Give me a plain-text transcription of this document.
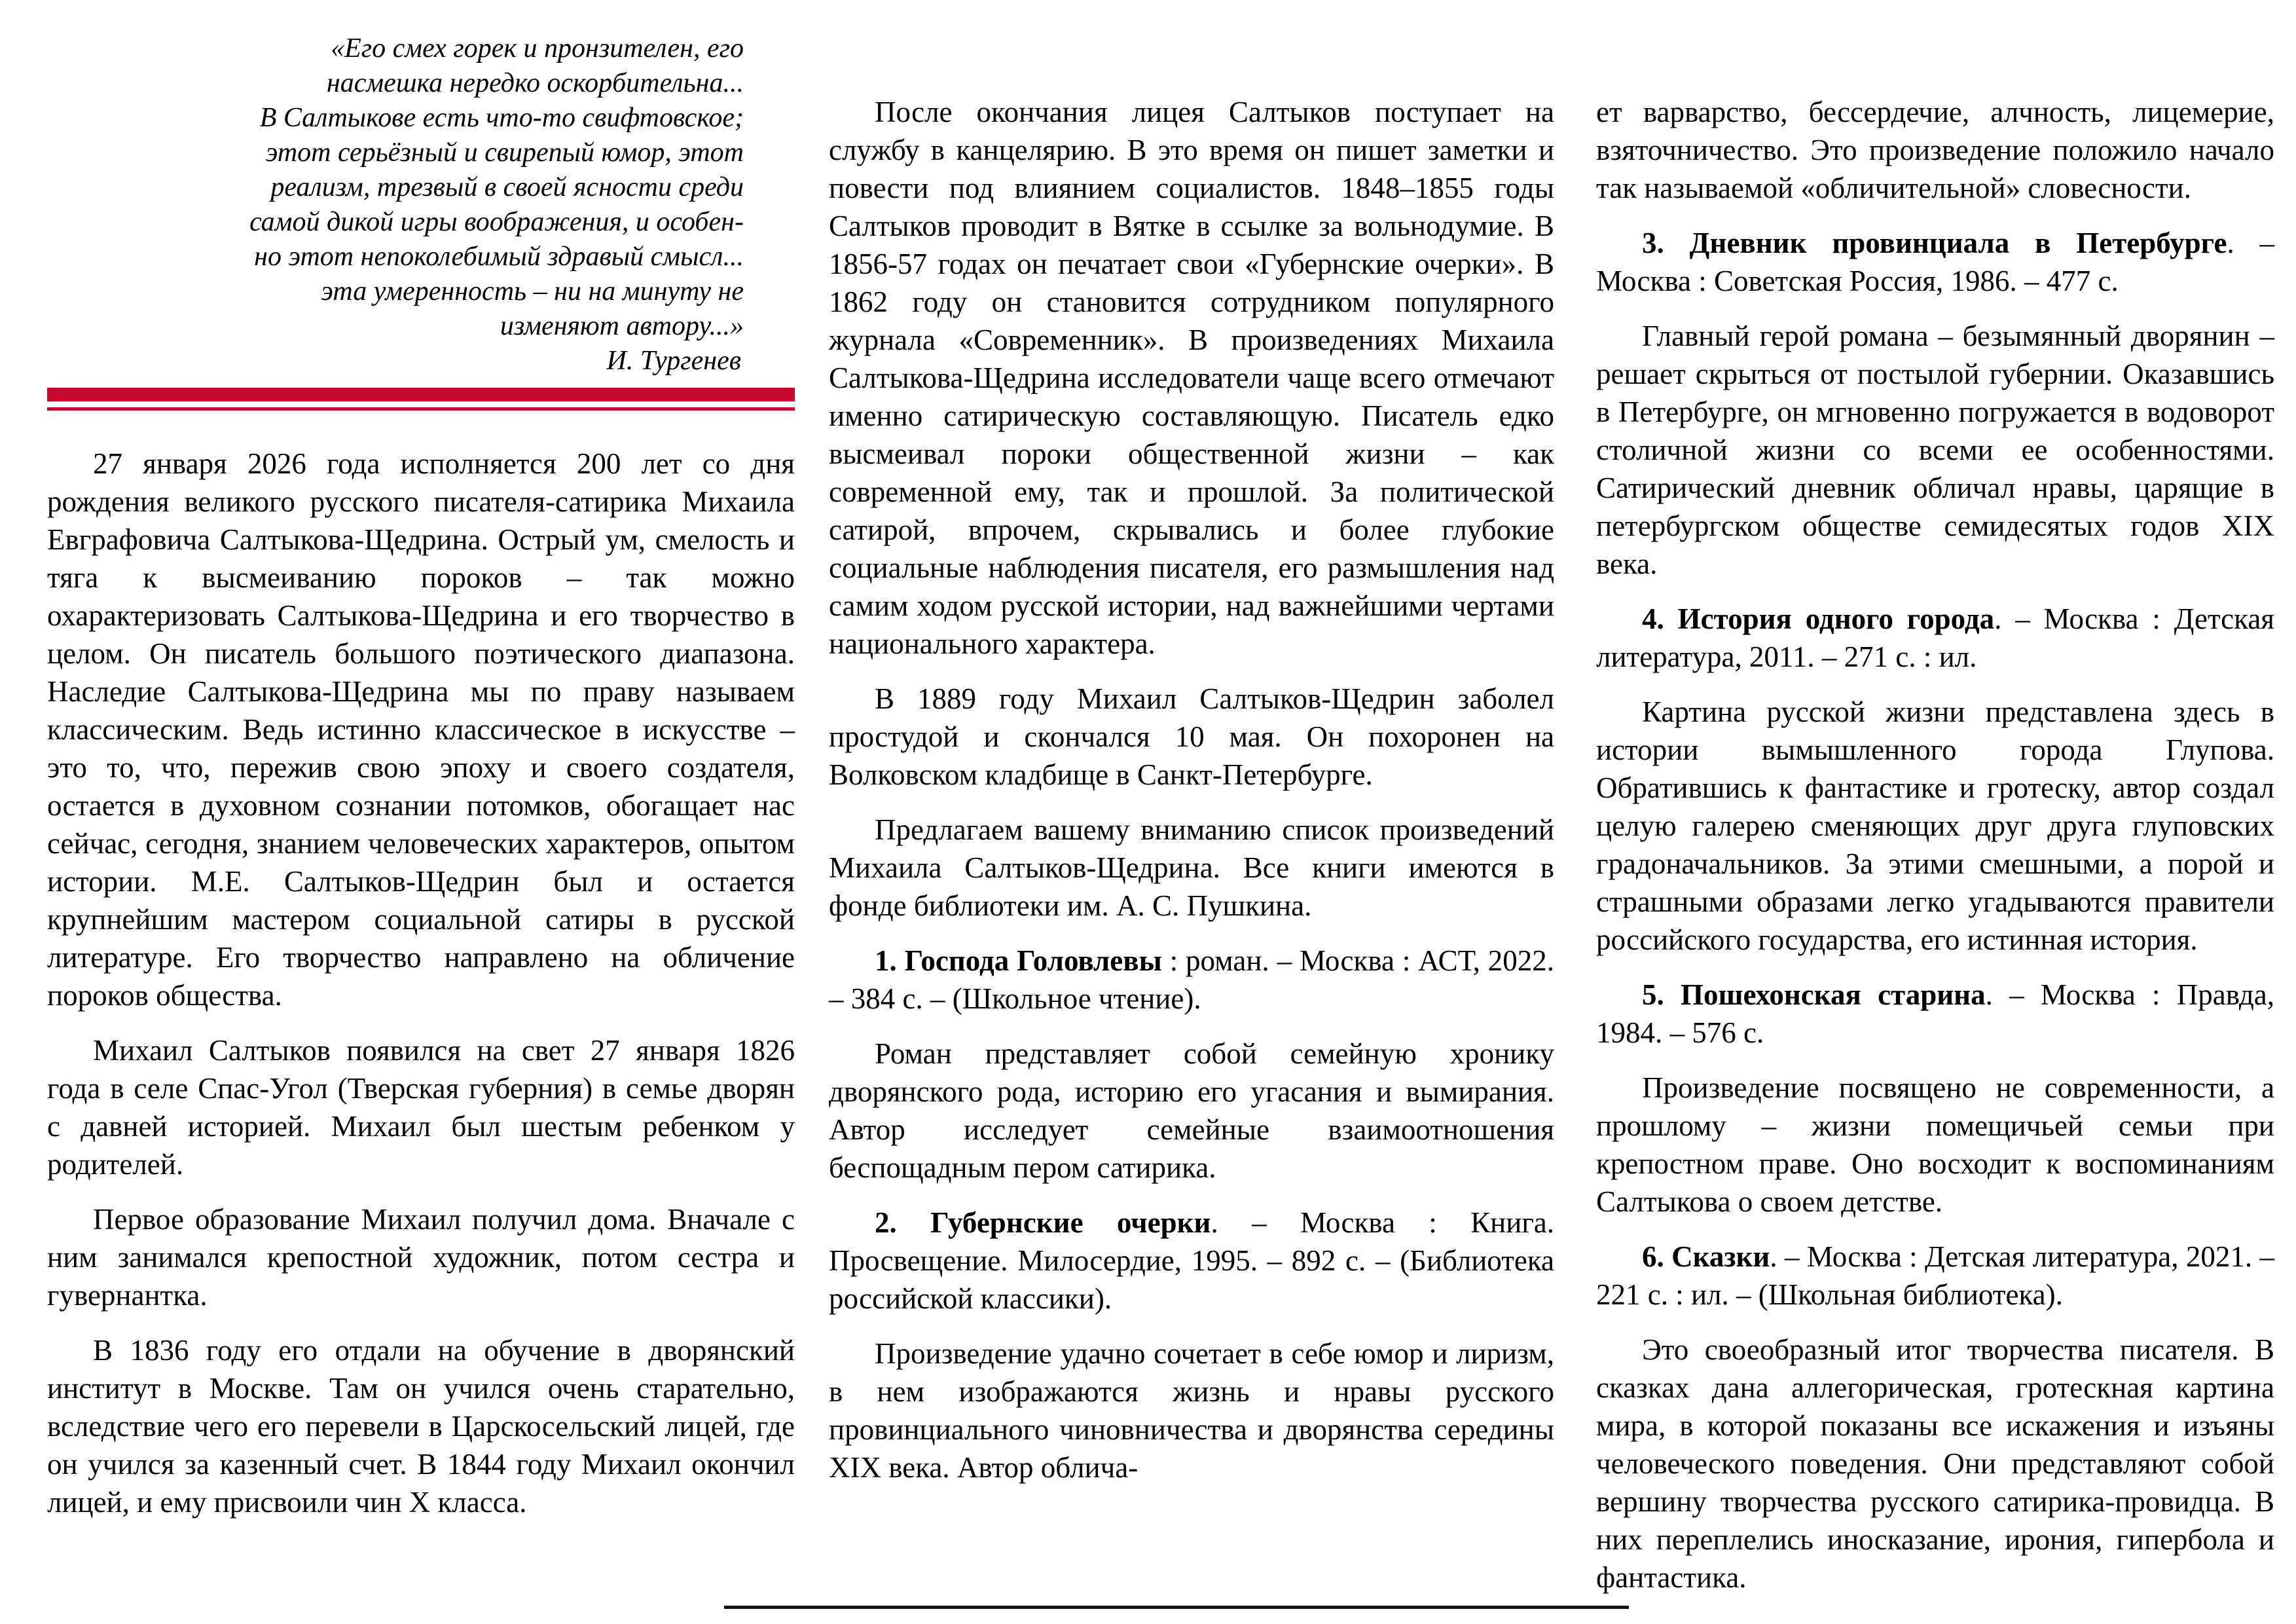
«Его смех горек и пронзителен, его
насмешка нередко оскорбительна...
В Салтыкове есть что-то свифтовское;
этот серьёзный и свирепый юмор, этот
реализм, трезвый в своей ясности среди
самой дикой игры воображения, и особен-
но этот непоколебимый здравый смысл...
эта умеренность – ни на минуту не
изменяют автору...»
И. Тургенев

27 января 2026 года исполняется 200 лет со дня рождения великого русского писателя-сатирика Михаила Евграфовича Салтыкова-Щедрина. Острый ум, смелость и тяга к высмеиванию пороков – так можно охарактеризовать Салтыкова-Щедрина и его творчество в целом. Он писатель большого поэтического диапазона. Наследие Салтыкова-Щедрина мы по праву называем классическим. Ведь истинно классическое в искусстве – это то, что, пережив свою эпоху и своего создателя, остается в духовном сознании потомков, обогащает нас сейчас, сегодня, знанием человеческих характеров, опытом истории. М.Е. Салтыков-Щедрин был и остается крупнейшим мастером социальной сатиры в русской литературе. Его творчество направлено на обличение пороков общества.

Михаил Салтыков появился на свет 27 января 1826 года в селе Спас-Угол (Тверская губерния) в семье дворян с давней историей. Михаил был шестым ребенком у родителей.

Первое образование Михаил получил дома. Вначале с ним занимался крепостной художник, потом сестра и гувернантка.

В 1836 году его отдали на обучение в дворянский институт в Москве. Там он учился очень старательно, вследствие чего его перевели в Царскосельский лицей, где он учился за казенный счет. В 1844 году Михаил окончил лицей, и ему присвоили чин X класса.

После окончания лицея Салтыков поступает на службу в канцелярию. В это время он пишет заметки и повести под влиянием социалистов. 1848–1855 годы Салтыков проводит в Вятке в ссылке за вольнодумие. В 1856-57 годах он печатает свои «Губернские очерки». В 1862 году он становится сотрудником популярного журнала «Современник». В произведениях Михаила Салтыкова-Щедрина исследователи чаще всего отмечают именно сатирическую составляющую. Писатель едко высмеивал пороки общественной жизни – как современной ему, так и прошлой. За политической сатирой, впрочем, скрывались и более глубокие социальные наблюдения писателя, его размышления над самим ходом русской истории, над важнейшими чертами национального характера.

В 1889 году Михаил Салтыков-Щедрин заболел простудой и скончался 10 мая. Он похоронен на Волковском кладбище в Санкт-Петербурге.

Предлагаем вашему вниманию список произведений Михаила Салтыков-Щедрина. Все книги имеются в фонде библиотеки им. А. С. Пушкина.

1. Господа Головлевы : роман. – Москва : АСТ, 2022. – 384 с. – (Школьное чтение).

Роман представляет собой семейную хронику дворянского рода, историю его угасания и вымирания. Автор исследует семейные взаимоотношения беспощадным пером сатирика.

2. Губернские очерки. – Москва : Книга. Просвещение. Милосердие, 1995. – 892 с. – (Библиотека российской классики).

Произведение удачно сочетает в себе юмор и лиризм, в нем изображаются жизнь и нравы русского провинциального чиновничества и дворянства середины XIX века. Автор облича-

ет варварство, бессердечие, алчность, лицемерие, взяточничество. Это произведение положило начало так называемой «обличительной» словесности.

3. Дневник провинциала в Петербурге. – Москва : Советская Россия, 1986. – 477 с.

Главный герой романа – безымянный дворянин – решает скрыться от постылой губернии. Оказавшись в Петербурге, он мгновенно погружается в водоворот столичной жизни со всеми ее особенностями. Сатирический дневник обличал нравы, царящие в петербургском обществе семидесятых годов XIX века.

4. История одного города. – Москва : Детская литература, 2011. – 271 с. : ил.

Картина русской жизни представлена здесь в истории вымышленного города Глупова. Обратившись к фантастике и гротеску, автор создал целую галерею сменяющих друг друга глуповских градоначальников. За этими смешными, а порой и страшными образами легко угадываются правители российского государства, его истинная история.

5. Пошехонская старина. – Москва : Правда, 1984. – 576 с.

Произведение посвящено не современности, а прошлому – жизни помещичьей семьи при крепостном праве. Оно восходит к воспоминаниям Салтыкова о своем детстве.

6. Сказки. – Москва : Детская литература, 2021. – 221 с. : ил. – (Школьная библиотека).

Это своеобразный итог творчества писателя. В сказках дана аллегорическая, гротескная картина мира, в которой показаны все искажения и изъяны человеческого поведения. Они представляют собой вершину творчества русского сатирика-провидца. В них переплелись иносказание, ирония, гипербола и фантастика.
